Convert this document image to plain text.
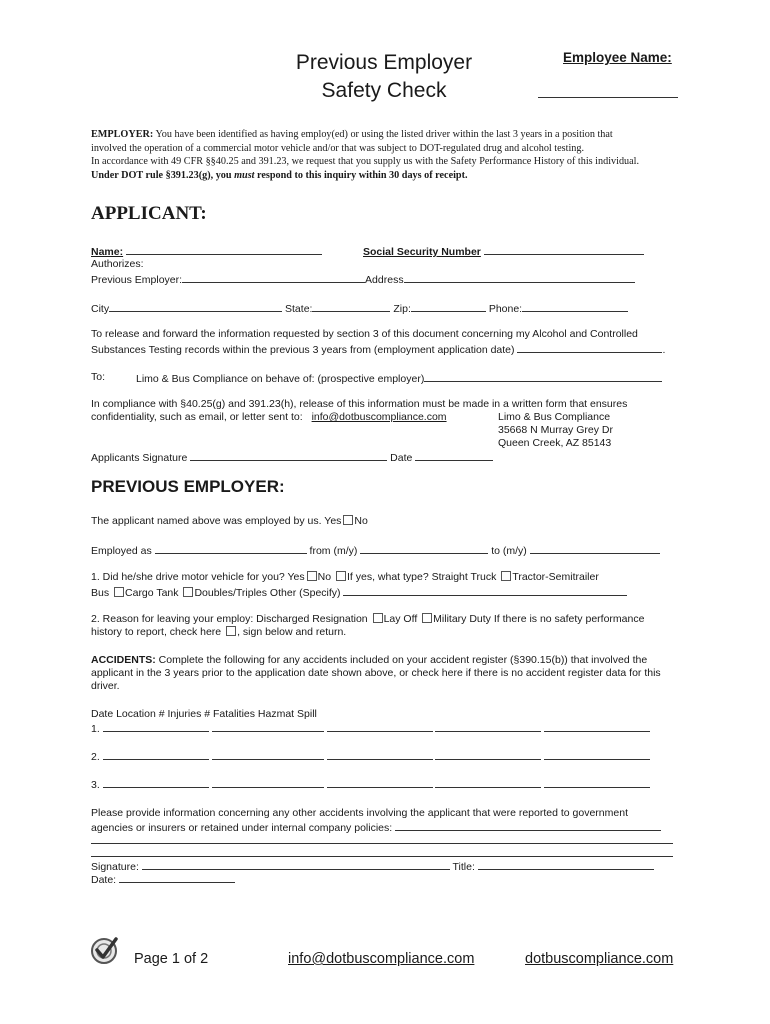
Previous Employer
Safety Check
Employee Name:
EMPLOYER: You have been identified as having employ(ed) or using the listed driver within the last 3 years in a position that
involved the operation of a commercial motor vehicle and/or that was subject to DOT-regulated drug and alcohol testing.
In accordance with 49 CFR §§40.25 and 391.23, we request that you supply us with the Safety Performance History of this individual.
Under DOT rule §391.23(g), you must respond to this inquiry within 30 days of receipt.
APPLICANT:
Name:	Social Security Number
Authorizes:
Previous Employer:	Address
City	State:	Zip:	Phone:
To release and forward the information requested by section 3 of this document concerning my Alcohol and Controlled
Substances Testing records within the previous 3 years from (employment application date)	.
To:	Limo & Bus Compliance on behave of: (prospective employer)
In compliance with §40.25(g) and 391.23(h), release of this information must be made in a written form that ensures
confidentiality, such as email, or letter sent to: info@dotbuscompliance.com	Limo & Bus Compliance
35668 N Murray Grey Dr
Queen Creek, AZ 85143
Applicants Signature	Date
PREVIOUS EMPLOYER:
The applicant named above was employed by us. Yes No
Employed as	from (m/y)	to (m/y)
1. Did he/she drive motor vehicle for you? Yes No If yes, what type? Straight Truck Tractor-Semitrailer
Bus Cargo Tank Doubles/Triples Other (Specify)
2. Reason for leaving your employ: Discharged Resignation Lay Off Military Duty If there is no safety performance
history to report, check here , sign below and return.
ACCIDENTS: Complete the following for any accidents included on your accident register (§390.15(b)) that involved the
applicant in the 3 years prior to the application date shown above, or check here if there is no accident register data for this
driver.
Date Location # Injuries # Fatalities Hazmat Spill
1.
2.
3.
Please provide information concerning any other accidents involving the applicant that were reported to government
agencies or insurers or retained under internal company policies:
Signature:	Title:
Date:
Page 1 of 2	info@dotbuscompliance.com	dotbuscompliance.com
